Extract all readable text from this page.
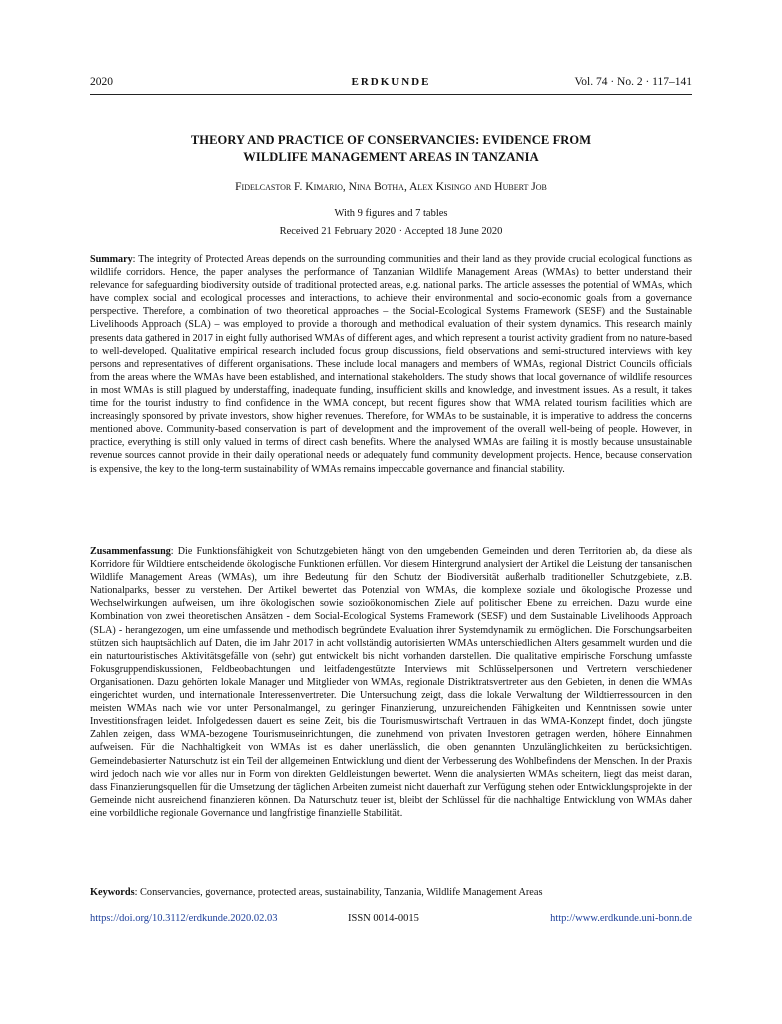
2020	ERDKUNDE	Vol. 74 · No. 2 · 117–141
THEORY AND PRACTICE OF CONSERVANCIES: EVIDENCE FROM
WILDLIFE MANAGEMENT AREAS IN TANZANIA
Fidelcastor F. Kimario, Nina Botha, Alex Kisingo and Hubert Job
With 9 figures and 7 tables
Received 21 February 2020 · Accepted 18 June 2020
Summary: The integrity of Protected Areas depends on the surrounding communities and their land as they provide crucial ecological functions as wildlife corridors. Hence, the paper analyses the performance of Tanzanian Wildlife Management Areas (WMAs) to better understand their relevance for safeguarding biodiversity outside of traditional protected areas, e.g. national parks. The article assesses the potential of WMAs, which have complex social and ecological processes and interactions, to achieve their environmental and socio-economic goals from a governance perspective. Therefore, a combination of two theoretical approaches – the Social-Ecological Systems Framework (SESF) and the Sustainable Livelihoods Approach (SLA) – was employed to provide a thorough and methodical evaluation of their system dynamics. This research mainly presents data gathered in 2017 in eight fully authorised WMAs of different ages, and which represent a tourist activity gradient from no nature-based to well-developed. Qualitative empirical research included focus group discussions, field observations and semi-structured interviews with key persons and representatives of different organisations. These include local managers and members of WMAs, regional District Councils officials from the areas where the WMAs have been established, and international stakeholders. The study shows that local governance of wildlife resources in most WMAs is still plagued by understaffing, inadequate funding, insufficient skills and knowledge, and investment issues. As a result, it takes time for the tourist industry to find confidence in the WMA concept, but recent figures show that WMA related tourism facilities which are increasingly sponsored by private investors, show higher revenues. Therefore, for WMAs to be sustainable, it is imperative to address the concerns mentioned above. Community-based conservation is part of development and the improvement of the overall well-being of people. However, in practice, everything is still only valued in terms of direct cash benefits. Where the analysed WMAs are failing it is mostly because unsustainable revenue sources cannot provide in their daily operational needs or adequately fund community development projects. Hence, because conservation is expensive, the key to the long-term sustainability of WMAs remains impeccable governance and financial stability.
Zusammenfassung: Die Funktionsfähigkeit von Schutzgebieten hängt von den umgebenden Gemeinden und deren Territorien ab, da diese als Korridore für Wildtiere entscheidende ökologische Funktionen erfüllen. Vor diesem Hintergrund analysiert der Artikel die Leistung der tansanischen Wildlife Management Areas (WMAs), um ihre Bedeutung für den Schutz der Biodiversität außerhalb traditioneller Schutzgebiete, z.B. Nationalparks, besser zu verstehen. Der Artikel bewertet das Potenzial von WMAs, die komplexe soziale und ökologische Prozesse und Wechselwirkungen aufweisen, um ihre ökologischen sowie sozioökonomischen Ziele auf politischer Ebene zu erreichen. Dazu wurde eine Kombination von zwei theoretischen Ansätzen - dem Social-Ecological Systems Framework (SESF) und dem Sustainable Livelihoods Approach (SLA) - herangezogen, um eine umfassende und methodisch begründete Evaluation ihrer Systemdynamik zu ermöglichen. Die Forschungsarbeiten stützen sich hauptsächlich auf Daten, die im Jahr 2017 in acht vollständig autorisierten WMAs unterschiedlichen Alters gesammelt wurden und die ein naturtouristisches Aktivitätsgefälle von (sehr) gut entwickelt bis nicht vorhanden darstellen. Die qualitative empirische Forschung umfasste Fokusgruppendiskussionen, Feldbeobachtungen und leitfadengestützte Interviews mit Schlüsselpersonen und Vertretern verschiedener Organisationen. Dazu gehörten lokale Manager und Mitglieder von WMAs, regionale Distriktratsvertreter aus den Gebieten, in denen die WMAs eingerichtet wurden, und internationale Interessenvertreter. Die Untersuchung zeigt, dass die lokale Verwaltung der Wildtierressourcen in den meisten WMAs nach wie vor unter Personalmangel, zu geringer Finanzierung, unzureichenden Fähigkeiten und Kenntnissen sowie unter Investitionsfragen leidet. Infolgedessen dauert es seine Zeit, bis die Tourismuswirtschaft Vertrauen in das WMA-Konzept findet, doch jüngste Zahlen zeigen, dass WMA-bezogene Tourismuseinrichtungen, die zunehmend von privaten Investoren getragen werden, höhere Einnahmen aufweisen. Für die Nachhaltigkeit von WMAs ist es daher unerlässlich, die oben genannten Unzulänglichkeiten zu berücksichtigen. Gemeindebasierter Naturschutz ist ein Teil der allgemeinen Entwicklung und dient der Verbesserung des Wohlbefindens der Menschen. In der Praxis wird jedoch nach wie vor alles nur in Form von direkten Geldleistungen bewertet. Wenn die analysierten WMAs scheitern, liegt das meist daran, dass Finanzierungsquellen für die Umsetzung der täglichen Arbeiten zumeist nicht dauerhaft zur Verfügung stehen oder Entwicklungsprojekte in der Gemeinde nicht ausreichend finanzieren können. Da Naturschutz teuer ist, bleibt der Schlüssel für die nachhaltige Entwicklung von WMAs daher eine vorbildliche regionale Governance und langfristige finanzielle Stabilität.
Keywords: Conservancies, governance, protected areas, sustainability, Tanzania, Wildlife Management Areas
https://doi.org/10.3112/erdkunde.2020.02.03	ISSN 0014-0015	http://www.erdkunde.uni-bonn.de
